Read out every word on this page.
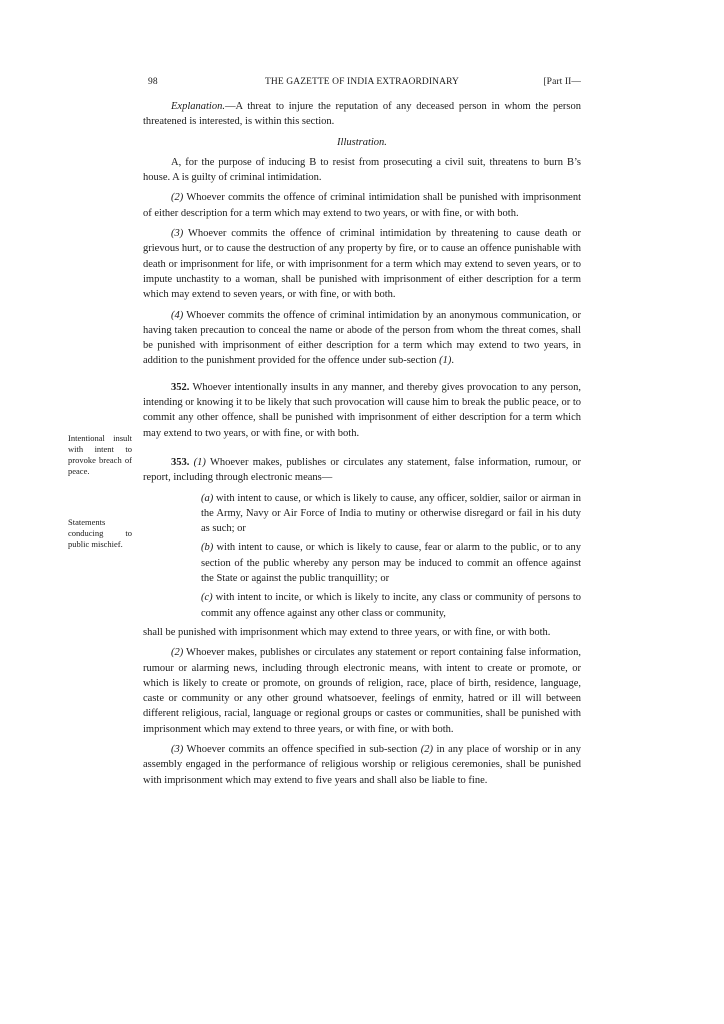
98	THE GAZETTE OF INDIA EXTRAORDINARY	[Part II—
Intentional insult with intent to provoke breach of peace.
Statements conducing to public mischief.

Explanation.—A threat to injure the reputation of any deceased person in whom the person threatened is interested, is within this section.

Illustration.

A, for the purpose of inducing B to resist from prosecuting a civil suit, threatens to burn B’s house. A is guilty of criminal intimidation.

(2) Whoever commits the offence of criminal intimidation shall be punished with imprisonment of either description for a term which may extend to two years, or with fine, or with both.

(3) Whoever commits the offence of criminal intimidation by threatening to cause death or grievous hurt, or to cause the destruction of any property by fire, or to cause an offence punishable with death or imprisonment for life, or with imprisonment for a term which may extend to seven years, or to impute unchastity to a woman, shall be punished with imprisonment of either description for a term which may extend to seven years, or with fine, or with both.

(4) Whoever commits the offence of criminal intimidation by an anonymous communication, or having taken precaution to conceal the name or abode of the person from whom the threat comes, shall be punished with imprisonment of either description for a term which may extend to two years, in addition to the punishment provided for the offence under sub-section (1).

352. Whoever intentionally insults in any manner, and thereby gives provocation to any person, intending or knowing it to be likely that such provocation will cause him to break the public peace, or to commit any other offence, shall be punished with imprisonment of either description for a term which may extend to two years, or with fine, or with both.

353. (1) Whoever makes, publishes or circulates any statement, false information, rumour, or report, including through electronic means—

(a) with intent to cause, or which is likely to cause, any officer, soldier, sailor or airman in the Army, Navy or Air Force of India to mutiny or otherwise disregard or fail in his duty as such; or

(b) with intent to cause, or which is likely to cause, fear or alarm to the public, or to any section of the public whereby any person may be induced to commit an offence against the State or against the public tranquillity; or

(c) with intent to incite, or which is likely to incite, any class or community of persons to commit any offence against any other class or community,

shall be punished with imprisonment which may extend to three years, or with fine, or with both.

(2) Whoever makes, publishes or circulates any statement or report containing false information, rumour or alarming news, including through electronic means, with intent to create or promote, or which is likely to create or promote, on grounds of religion, race, place of birth, residence, language, caste or community or any other ground whatsoever, feelings of enmity, hatred or ill will between different religious, racial, language or regional groups or castes or communities, shall be punished with imprisonment which may extend to three years, or with fine, or with both.

(3) Whoever commits an offence specified in sub-section (2) in any place of worship or in any assembly engaged in the performance of religious worship or religious ceremonies, shall be punished with imprisonment which may extend to five years and shall also be liable to fine.
